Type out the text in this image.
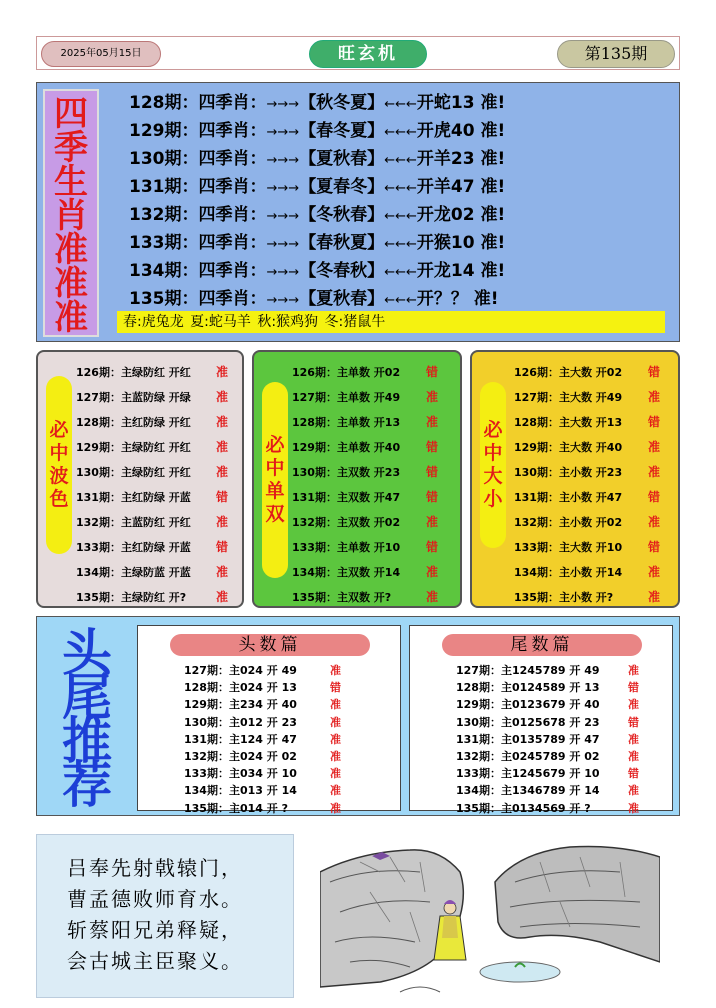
2025年05月15日	旺玄机	第135期
四
季
生
肖
准
准
准
128期：四季肖：→→→【秋冬夏】←←←开蛇13 准!
129期：四季肖：→→→【春冬夏】←←←开虎40 准!
130期：四季肖：→→→【夏秋春】←←←开羊23 准!
131期：四季肖：→→→【夏春冬】←←←开羊47 准!
132期：四季肖：→→→【冬秋春】←←←开龙02 准!
133期：四季肖：→→→【春秋夏】←←←开猴10 准!
134期：四季肖：→→→【冬春秋】←←←开龙14 准!
135期：四季肖：→→→【夏秋春】←←←开？？ 准!
春:虎兔龙 夏:蛇马羊 秋:猴鸡狗 冬:猪鼠牛
必
中
波
色
126期：主绿防红 开红 准
127期：主蓝防绿 开绿 准
128期：主红防绿 开红 准
129期：主绿防红 开红 准
130期：主绿防红 开红 准
131期：主红防绿 开蓝 错
132期：主蓝防红 开红 准
133期：主红防绿 开蓝 错
134期：主绿防蓝 开蓝 准
135期：主绿防红 开? 准
必
中
单
双
126期：主单数 开02 错
127期：主单数 开49 准
128期：主单数 开13 准
129期：主单数 开40 错
130期：主双数 开23 错
131期：主双数 开47 错
132期：主双数 开02 准
133期：主单数 开10 错
134期：主双数 开14 准
135期：主双数 开?	准
必
中
大
小
126期：主大数 开02 错
127期：主大数 开49 准
128期：主大数 开13 错
129期：主大数 开40 准
130期：主小数 开23 准
131期：主小数 开47 错
132期：主小数 开02 准
133期：主大数 开10 错
134期：主小数 开14 准
135期：主小数 开?	准
头
尾
推
荐
头数篇
127期：主024 开 49	准
128期：主024 开 13	错
129期：主234 开 40	准
130期：主012 开 23	准
131期：主124 开 47	准
132期：主024 开 02	准
133期：主034 开 10	准
134期：主013 开 14	准
135期：主014 开 ?	准
尾数篇
127期：主1245789 开 49	准
128期：主0124589 开 13	错
129期：主0123679 开 40	准
130期：主0125678 开 23	错
131期：主0135789 开 47	准
132期：主0245789 开 02	准
133期：主1245679 开 10	错
134期：主1346789 开 14	准
135期：主0134569 开 ?	准
吕奉先射戟辕门，
曹孟德败师育水。
斩蔡阳兄弟释疑，
会古城主臣聚义。
